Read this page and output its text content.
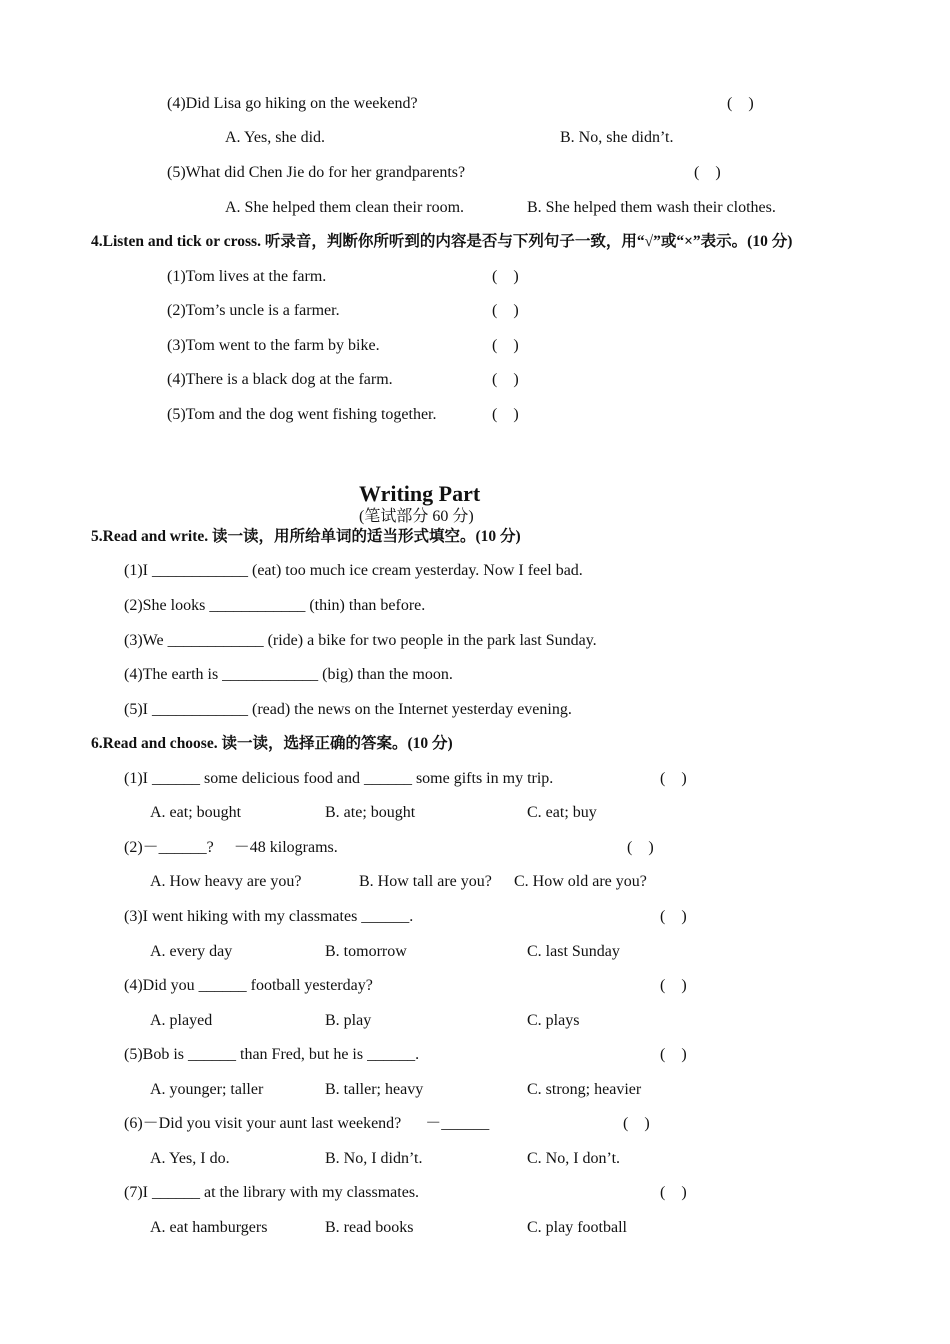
(4)Did Lisa go hiking on the weekend?	(    )
A. Yes, she did.	B. No, she didn’t.
(5)What did Chen Jie do for her grandparents?	(    )
A. She helped them clean their room.	B. She helped them wash their clothes.
4.Listen and tick or cross. 听录音，判断你所听到的内容是否与下列句子一致，用“√”或“×”表示。(10 分)
(1)Tom lives at the farm.	(    )
(2)Tom’s uncle is a farmer.	(    )
(3)Tom went to the farm by bike.	(    )
(4)There is a black dog at the farm.	(    )
(5)Tom and the dog went fishing together.	(    )

Writing Part
(笔试部分 60 分)

5.Read and write. 读一读，用所给单词的适当形式填空。(10 分)
(1)I ____________ (eat) too much ice cream yesterday. Now I feel bad.
(2)She looks ____________ (thin) than before.
(3)We ____________ (ride) a bike for two people in the park last Sunday.
(4)The earth is ____________ (big) than the moon.
(5)I ____________ (read) the news on the Internet yesterday evening.
6.Read and choose. 读一读，选择正确的答案。(10 分)
(1)I ______ some delicious food and ______ some gifts in my trip.	(    )
A. eat; bought	B. ate; bought	C. eat; buy
(2)－______?     －48 kilograms.	(    )
A. How heavy are you?	B. How tall are you? C. How old are you?
(3)I went hiking with my classmates ______.	(    )
A. every day	B. tomorrow	C. last Sunday
(4)Did you ______ football yesterday?	(    )
A. played	B. play	C. plays
(5)Bob is ______ than Fred, but he is ______.	(    )
A. younger; taller	B. taller; heavy	C. strong; heavier
(6)－Did you visit your aunt last weekend?      －______	(    )
A. Yes, I do.	B. No, I didn’t.	C. No, I don’t.
(7)I ______ at the library with my classmates.	(    )
A. eat hamburgers	B. read books	C. play football
